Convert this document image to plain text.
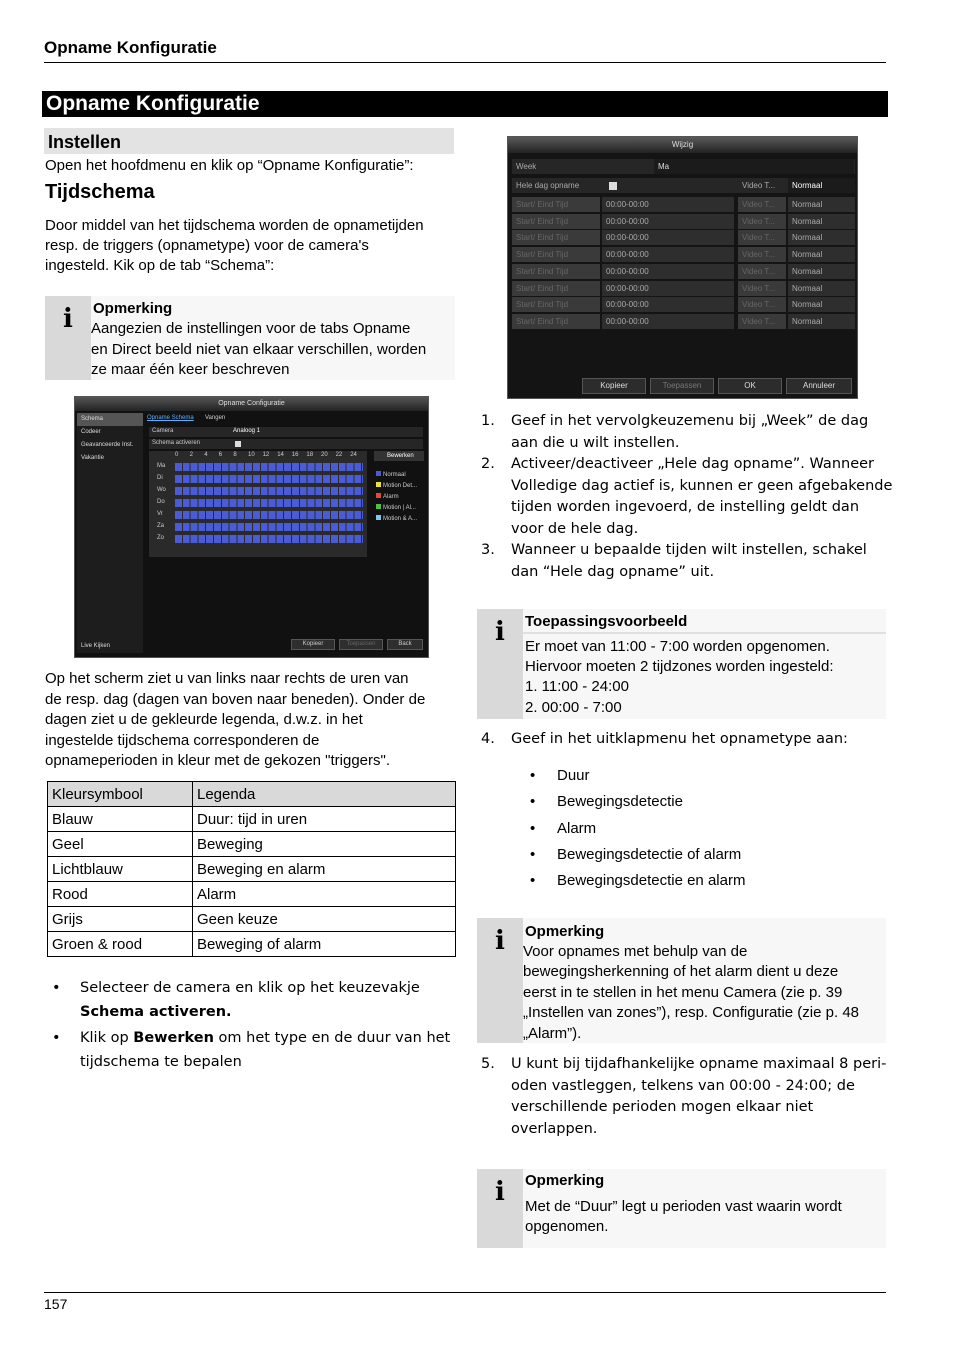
Opname Konfiguratie
Opname Konfiguratie
Instellen
Open het hoofdmenu en klik op “Opname Konfiguratie”:
Tijdschema
Door middel van het tijdschema worden de opnametijden
resp. de triggers (opnametype) voor de camera's
ingesteld. Kik op de tab “Schema”:
i	Opmerking
Aangezien de instellingen voor de tabs Opname
en Direct beeld niet van elkaar verschillen, worden
ze maar één keer beschreven
Opname Configuratie
Schema
Codeer
Geavanceerde Inst.
Vakantie
Live Kijken
Opname Schema Vangen
Camera	Analoog 1
Schema activeren
0 2 4 6 8 10 12 14 16 18 20 22 24
Ma
Di
Wo
Do
Vr
Za
Zo
Bewerken
Normaal
Motion Det...
Alarm
Motion | Al...
Motion & A...
Kopieer	Toepassen	Back
Op het scherm ziet u van links naar rechts de uren van
de resp. dag (dagen van boven naar beneden). Onder de
dagen ziet u de gekleurde legenda, d.w.z. in het
ingestelde tijdschema corresponderen de
opnameperioden in kleur met de gekozen "triggers".
Kleursymbool	Legenda
Blauw	Duur: tijd in uren
Geel	Beweging
Lichtblauw	Beweging en alarm
Rood	Alarm
Grijs	Geen keuze
Groen & rood	Beweging of alarm
• Selecteer de camera en klik op het keuzevakje
Schema activeren.
• Klik op Bewerken om het type en de duur van het
tijdschema te bepalen
Wijzig
Week	Ma
Hele dag opname	Video T...	Normaal
Start/ Eind Tijd	00:00-00:00	Video T...	Normaal
Start/ Eind Tijd	00:00-00:00	Video T...	Normaal
Start/ Eind Tijd	00:00-00:00	Video T...	Normaal
Start/ Eind Tijd	00:00-00:00	Video T...	Normaal
Start/ Eind Tijd	00:00-00:00	Video T...	Normaal
Start/ Eind Tijd	00:00-00:00	Video T...	Normaal
Start/ Eind Tijd	00:00-00:00	Video T...	Normaal
Start/ Eind Tijd	00:00-00:00	Video T...	Normaal
Kopieer	Toepassen	OK	Annuleer
1. Geef in het vervolgkeuzemenu bij „Week” de dag
aan die u wilt instellen.
2. Activeer/deactiveer „Hele dag opname”. Wanneer
Volledige dag actief is, kunnen er geen afgebakende
tijden worden ingevoerd, de instelling geldt dan
voor de hele dag.
3. Wanneer u bepaalde tijden wilt instellen, schakel
dan “Hele dag opname” uit.
i	Toepassingsvoorbeeld
Er moet van 11:00 - 7:00 worden opgenomen.
Hiervoor moeten 2 tijdzones worden ingesteld:
1. 11:00 - 24:00
2. 00:00 - 7:00
4. Geef in het uitklapmenu het opnametype aan:
• Duur
• Bewegingsdetectie
• Alarm
• Bewegingsdetectie of alarm
• Bewegingsdetectie en alarm
i	Opmerking
Voor opnames met behulp van de
bewegingsherkenning of het alarm dient u deze
eerst in te stellen in het menu Camera (zie p. 39
„Instellen van zones”), resp. Configuratie (zie p. 48
„Alarm”).
5. U kunt bij tijdafhankelijke opname maximaal 8 peri-
oden vastleggen, telkens van 00:00 - 24:00; de
verschillende perioden mogen elkaar niet
overlappen.
i	Opmerking
Met de “Duur” legt u perioden vast waarin wordt
opgenomen.
157
